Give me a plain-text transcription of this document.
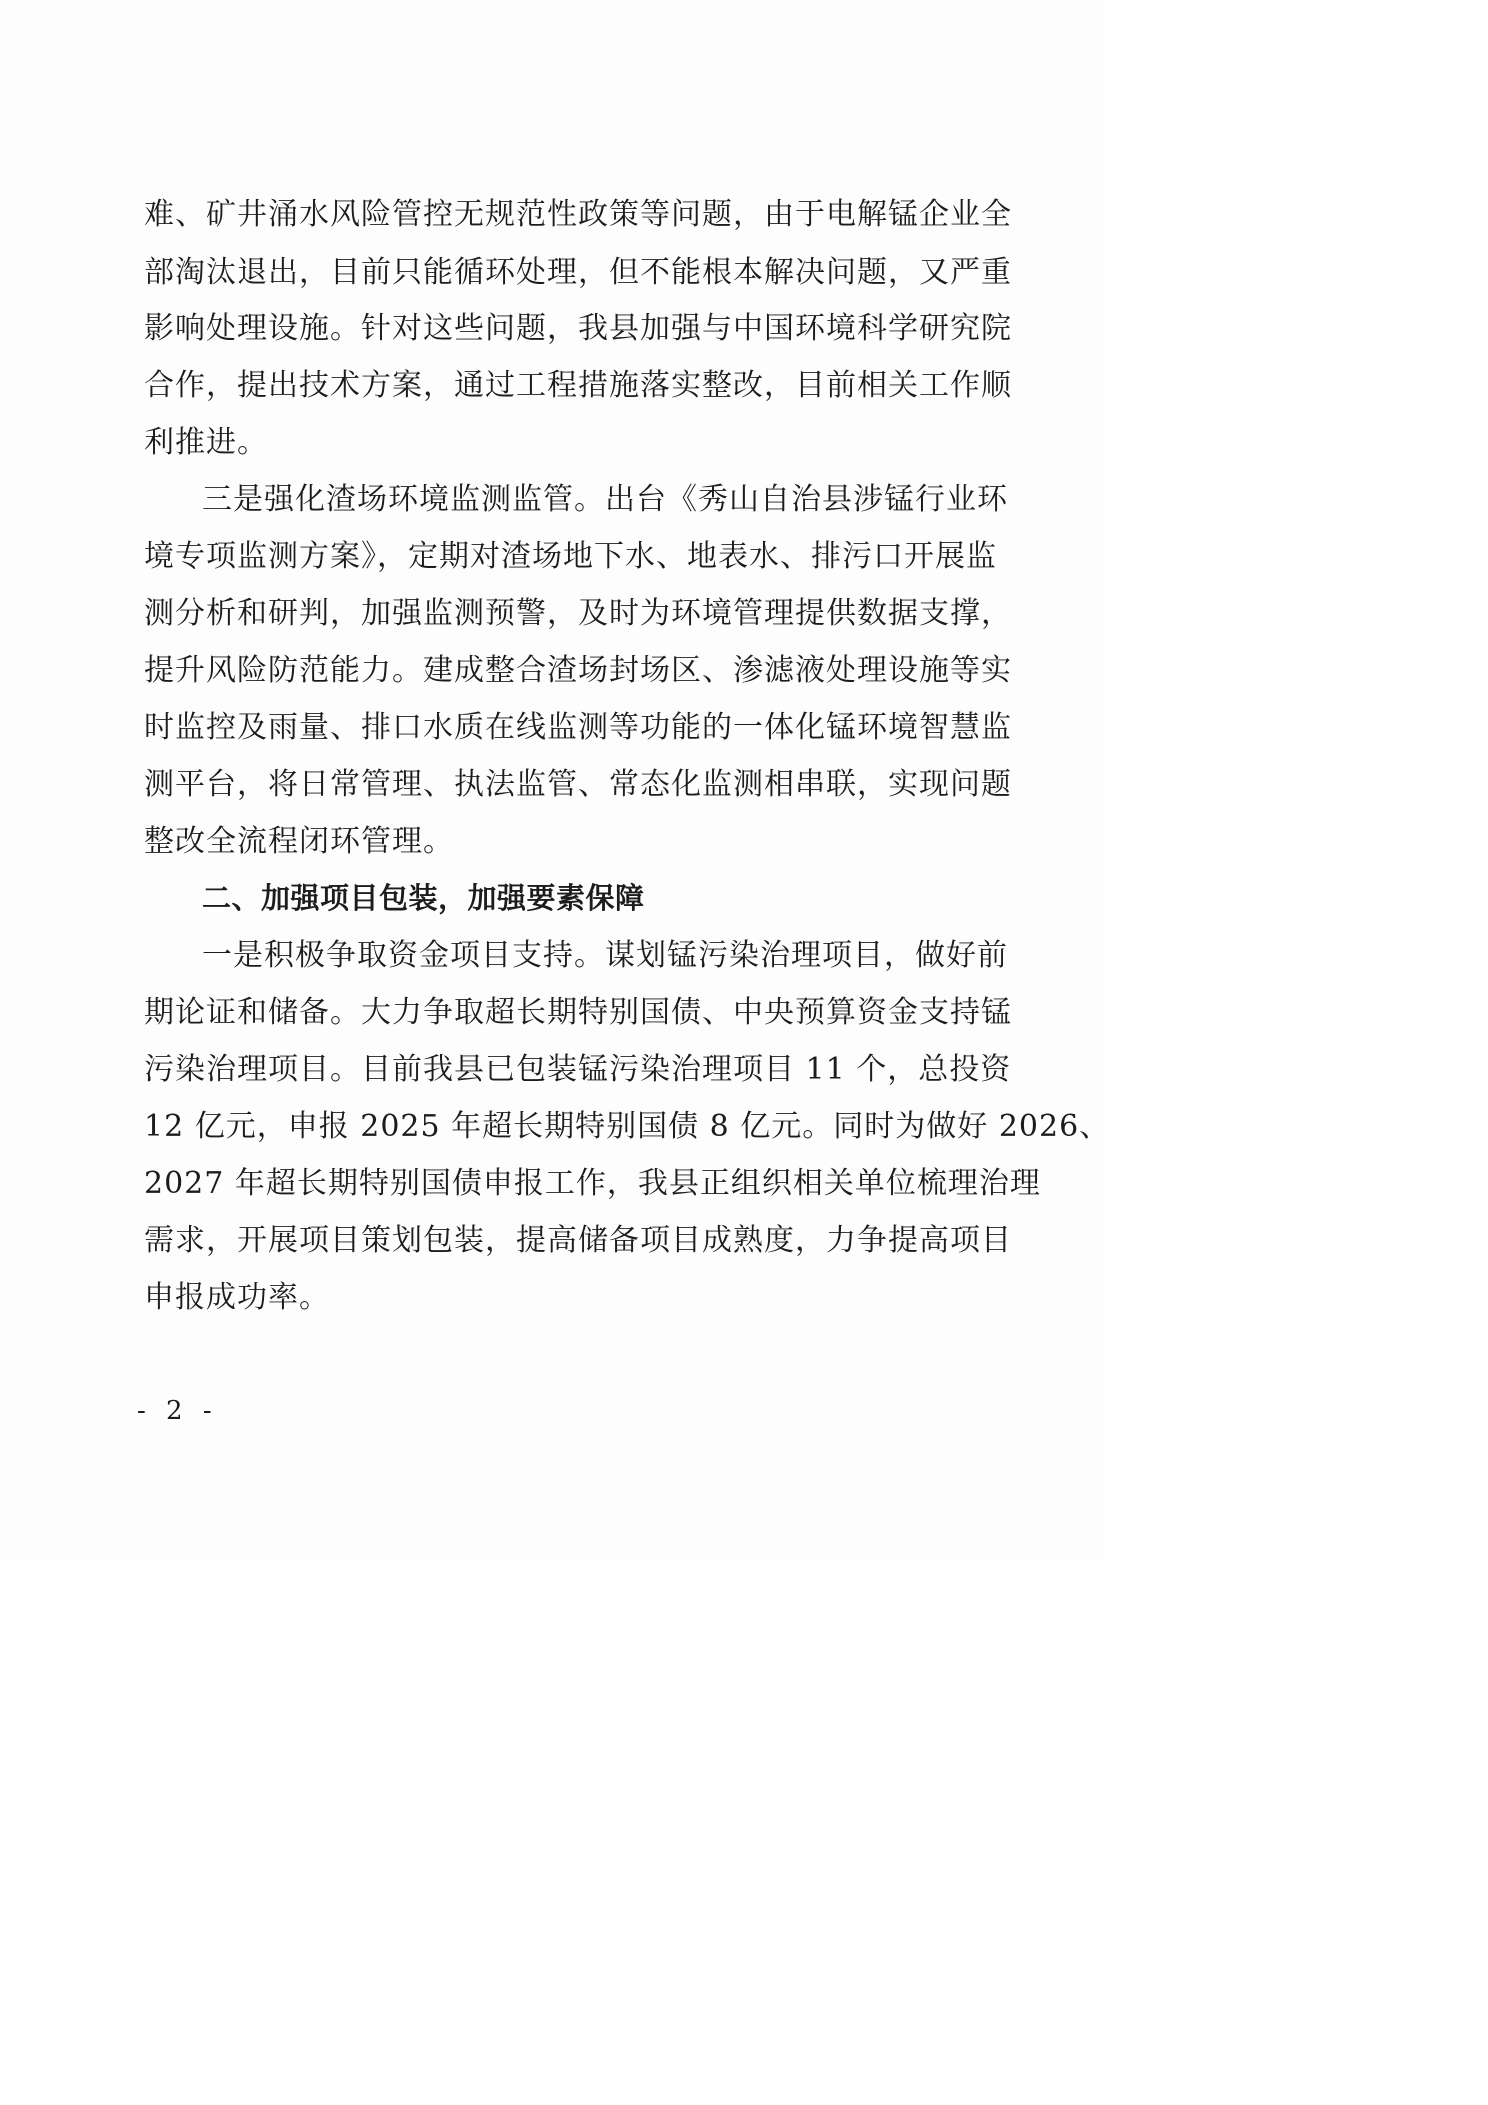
难、矿井涌水风险管控无规范性政策等问题，由于电解锰企业全
部淘汰退出，目前只能循环处理，但不能根本解决问题，又严重
影响处理设施。针对这些问题，我县加强与中国环境科学研究院
合作，提出技术方案，通过工程措施落实整改，目前相关工作顺
利推进。
三是强化渣场环境监测监管。出台《秀山自治县涉锰行业环
境专项监测方案》，定期对渣场地下水、地表水、排污口开展监
测分析和研判，加强监测预警，及时为环境管理提供数据支撑，
提升风险防范能力。建成整合渣场封场区、渗滤液处理设施等实
时监控及雨量、排口水质在线监测等功能的一体化锰环境智慧监
测平台，将日常管理、执法监管、常态化监测相串联，实现问题
整改全流程闭环管理。
二、加强项目包装，加强要素保障
一是积极争取资金项目支持。谋划锰污染治理项目，做好前
期论证和储备。大力争取超长期特别国债、中央预算资金支持锰
污染治理项目。目前我县已包装锰污染治理项目 11 个，总投资
12 亿元，申报 2025 年超长期特别国债 8 亿元。同时为做好 2026、
2027 年超长期特别国债申报工作，我县正组织相关单位梳理治理
需求，开展项目策划包装，提高储备项目成熟度，力争提高项目
申报成功率。
- 2 -
